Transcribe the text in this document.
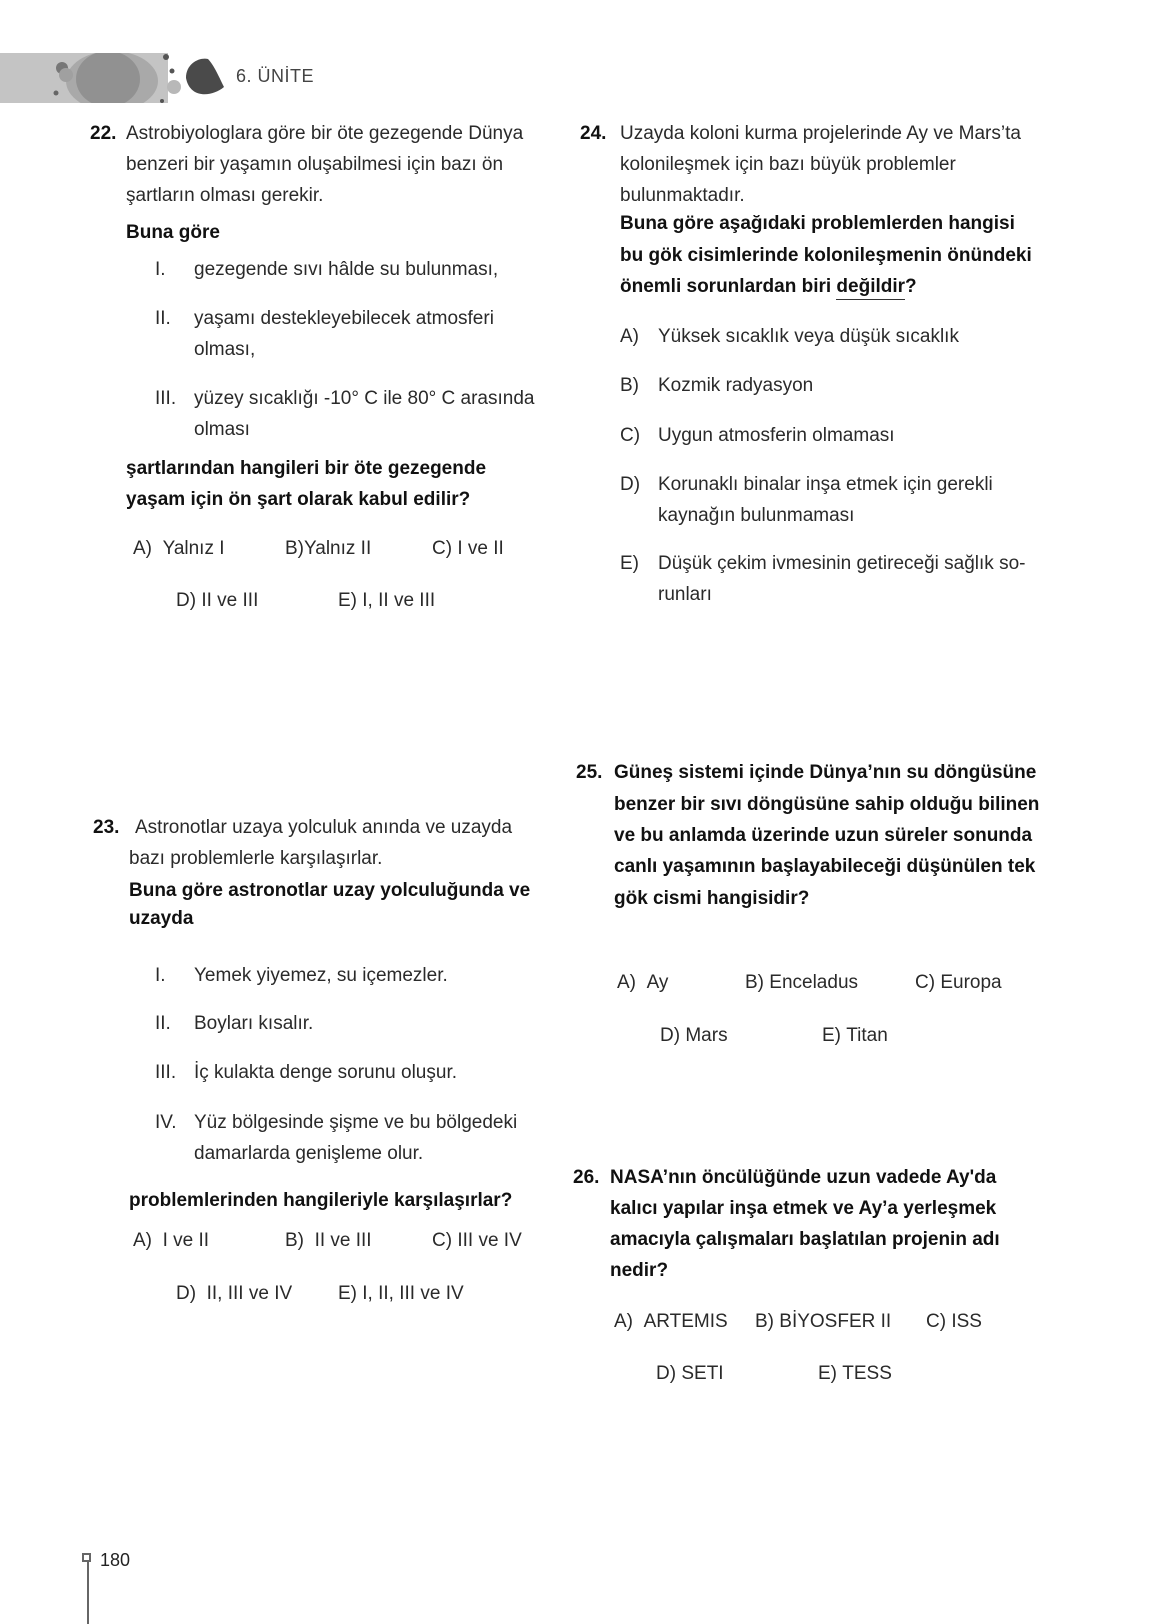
6. ÜNİTE
22. Astrobiyologlara göre bir öte gezegende Dünya
benzeri bir yaşamın oluşabilmesi için bazı ön
şartların olması gerekir.
Buna göre
I. gezegende sıvı hâlde su bulunması,
II. yaşamı destekleyebilecek atmosferi
olması,
III. yüzey sıcaklığı -10° C ile 80° C arasında
olması
şartlarından hangileri bir öte gezegende
yaşam için ön şart olarak kabul edilir?
A) Yalnız I	B)Yalnız II	C) I ve II
D) II ve III	E) I, II ve III
23. Astronotlar uzaya yolculuk anında ve uzayda
bazı problemlerle karşılaşırlar.
Buna göre astronotlar uzay yolculuğunda ve
uzayda
I. Yemek yiyemez, su içemezler.
II. Boyları kısalır.
III. İç kulakta denge sorunu oluşur.
IV. Yüz bölgesinde şişme ve bu bölgedeki
damarlarda genişleme olur.
problemlerinden hangileriyle karşılaşırlar?
A) I ve II	B) II ve III	C) III ve IV
D) II, III ve IV E) I, II, III ve IV
24. Uzayda koloni kurma projelerinde Ay ve Mars’ta
kolonileşmek için bazı büyük problemler
bulunmaktadır.
Buna göre aşağıdaki problemlerden hangisi
bu gök cisimlerinde kolonileşmenin önündeki
önemli sorunlardan biri değildir?
A) Yüksek sıcaklık veya düşük sıcaklık
B) Kozmik radyasyon
C) Uygun atmosferin olmaması
D) Korunaklı binalar inşa etmek için gerekli
kaynağın bulunmaması
E) Düşük çekim ivmesinin getireceği sağlık so-
runları
25. Güneş sistemi içinde Dünya’nın su döngüsüne
benzer bir sıvı döngüsüne sahip olduğu bilinen
ve bu anlamda üzerinde uzun süreler sonunda
canlı yaşamının başlayabileceği düşünülen tek
gök cismi hangisidir?
A) Ay	B) Enceladus	C) Europa
D) Mars	E) Titan
26. NASA’nın öncülüğünde uzun vadede Ay'da
kalıcı yapılar inşa etmek ve Ay’a yerleşmek
amacıyla çalışmaları başlatılan projenin adı
nedir?
A) ARTEMIS B) BİYOSFER II C) ISS
D) SETI	E) TESS
180
